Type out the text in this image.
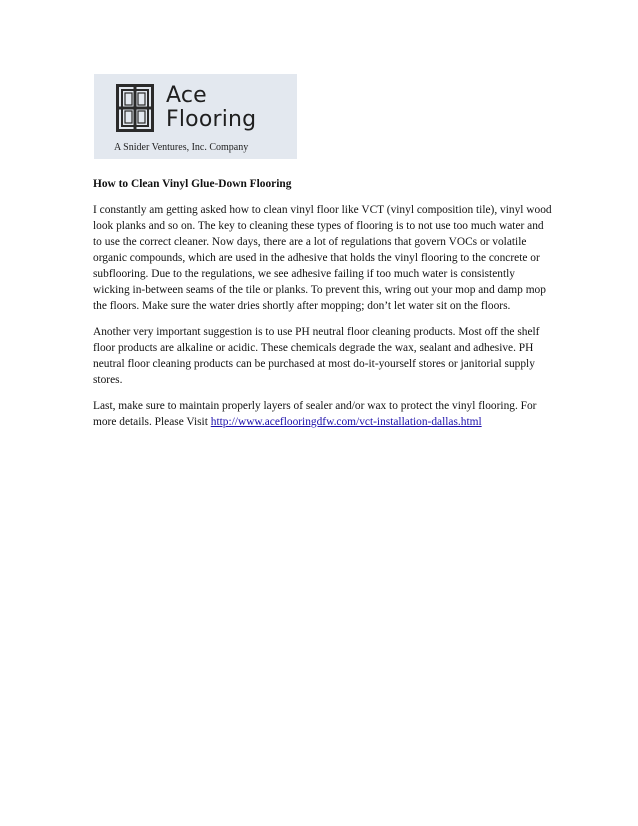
Ace
Flooring
A Snider Ventures, Inc. Company

How to Clean Vinyl Glue-Down Flooring

I constantly am getting asked how to clean vinyl floor like VCT (vinyl composition tile), vinyl wood look planks and so on. The key to cleaning these types of flooring is to not use too much water and to use the correct cleaner. Now days, there are a lot of regulations that govern VOCs or volatile organic compounds, which are used in the adhesive that holds the vinyl flooring to the concrete or subflooring. Due to the regulations, we see adhesive failing if too much water is consistently wicking in-between seams of the tile or planks. To prevent this, wring out your mop and damp mop the floors. Make sure the water dries shortly after mopping; don’t let water sit on the floors.

Another very important suggestion is to use PH neutral floor cleaning products. Most off the shelf floor products are alkaline or acidic. These chemicals degrade the wax, sealant and adhesive. PH neutral floor cleaning products can be purchased at most do-it-yourself stores or janitorial supply stores.

Last, make sure to maintain properly layers of sealer and/or wax to protect the vinyl flooring. For more details. Please Visit http://www.aceflooringdfw.com/vct-installation-dallas.html
